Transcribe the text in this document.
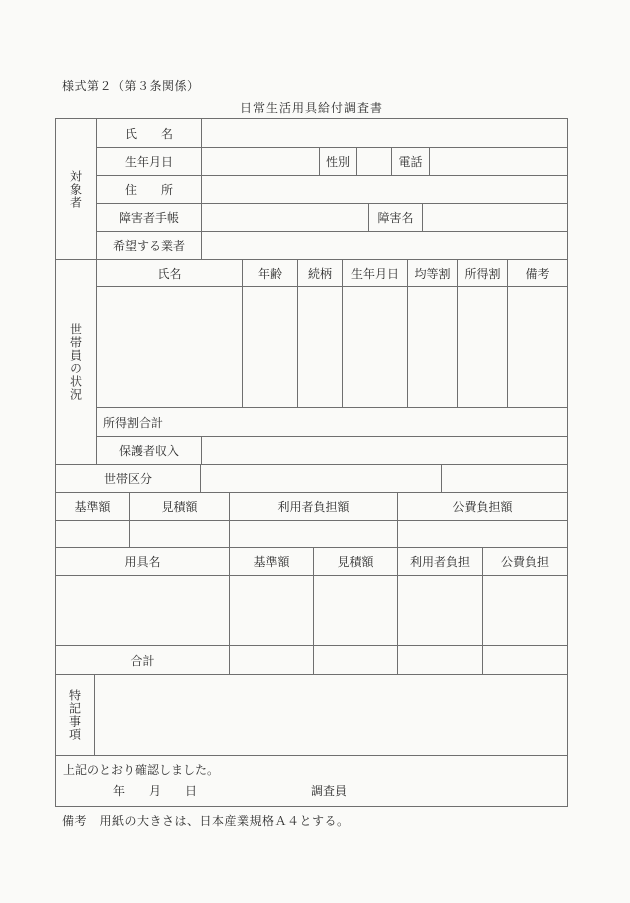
様式第２（第３条関係）
日常生活用具給付調査書
対象者
氏　　名
生年月日	性別	電話
住　　所
障害者手帳	障害名
希望する業者
世帯員の状況
氏名	年齢	続柄	生年月日	均等割	所得割	備考
所得割合計
保護者収入
世帯区分
基準額	見積額	利用者負担額	公費負担額
用具名	基準額	見積額	利用者負担	公費負担
合計
特記事項
上記のとおり確認しました。
年　　月　　日	調査員
備考　用紙の大きさは、日本産業規格Ａ４とする。
